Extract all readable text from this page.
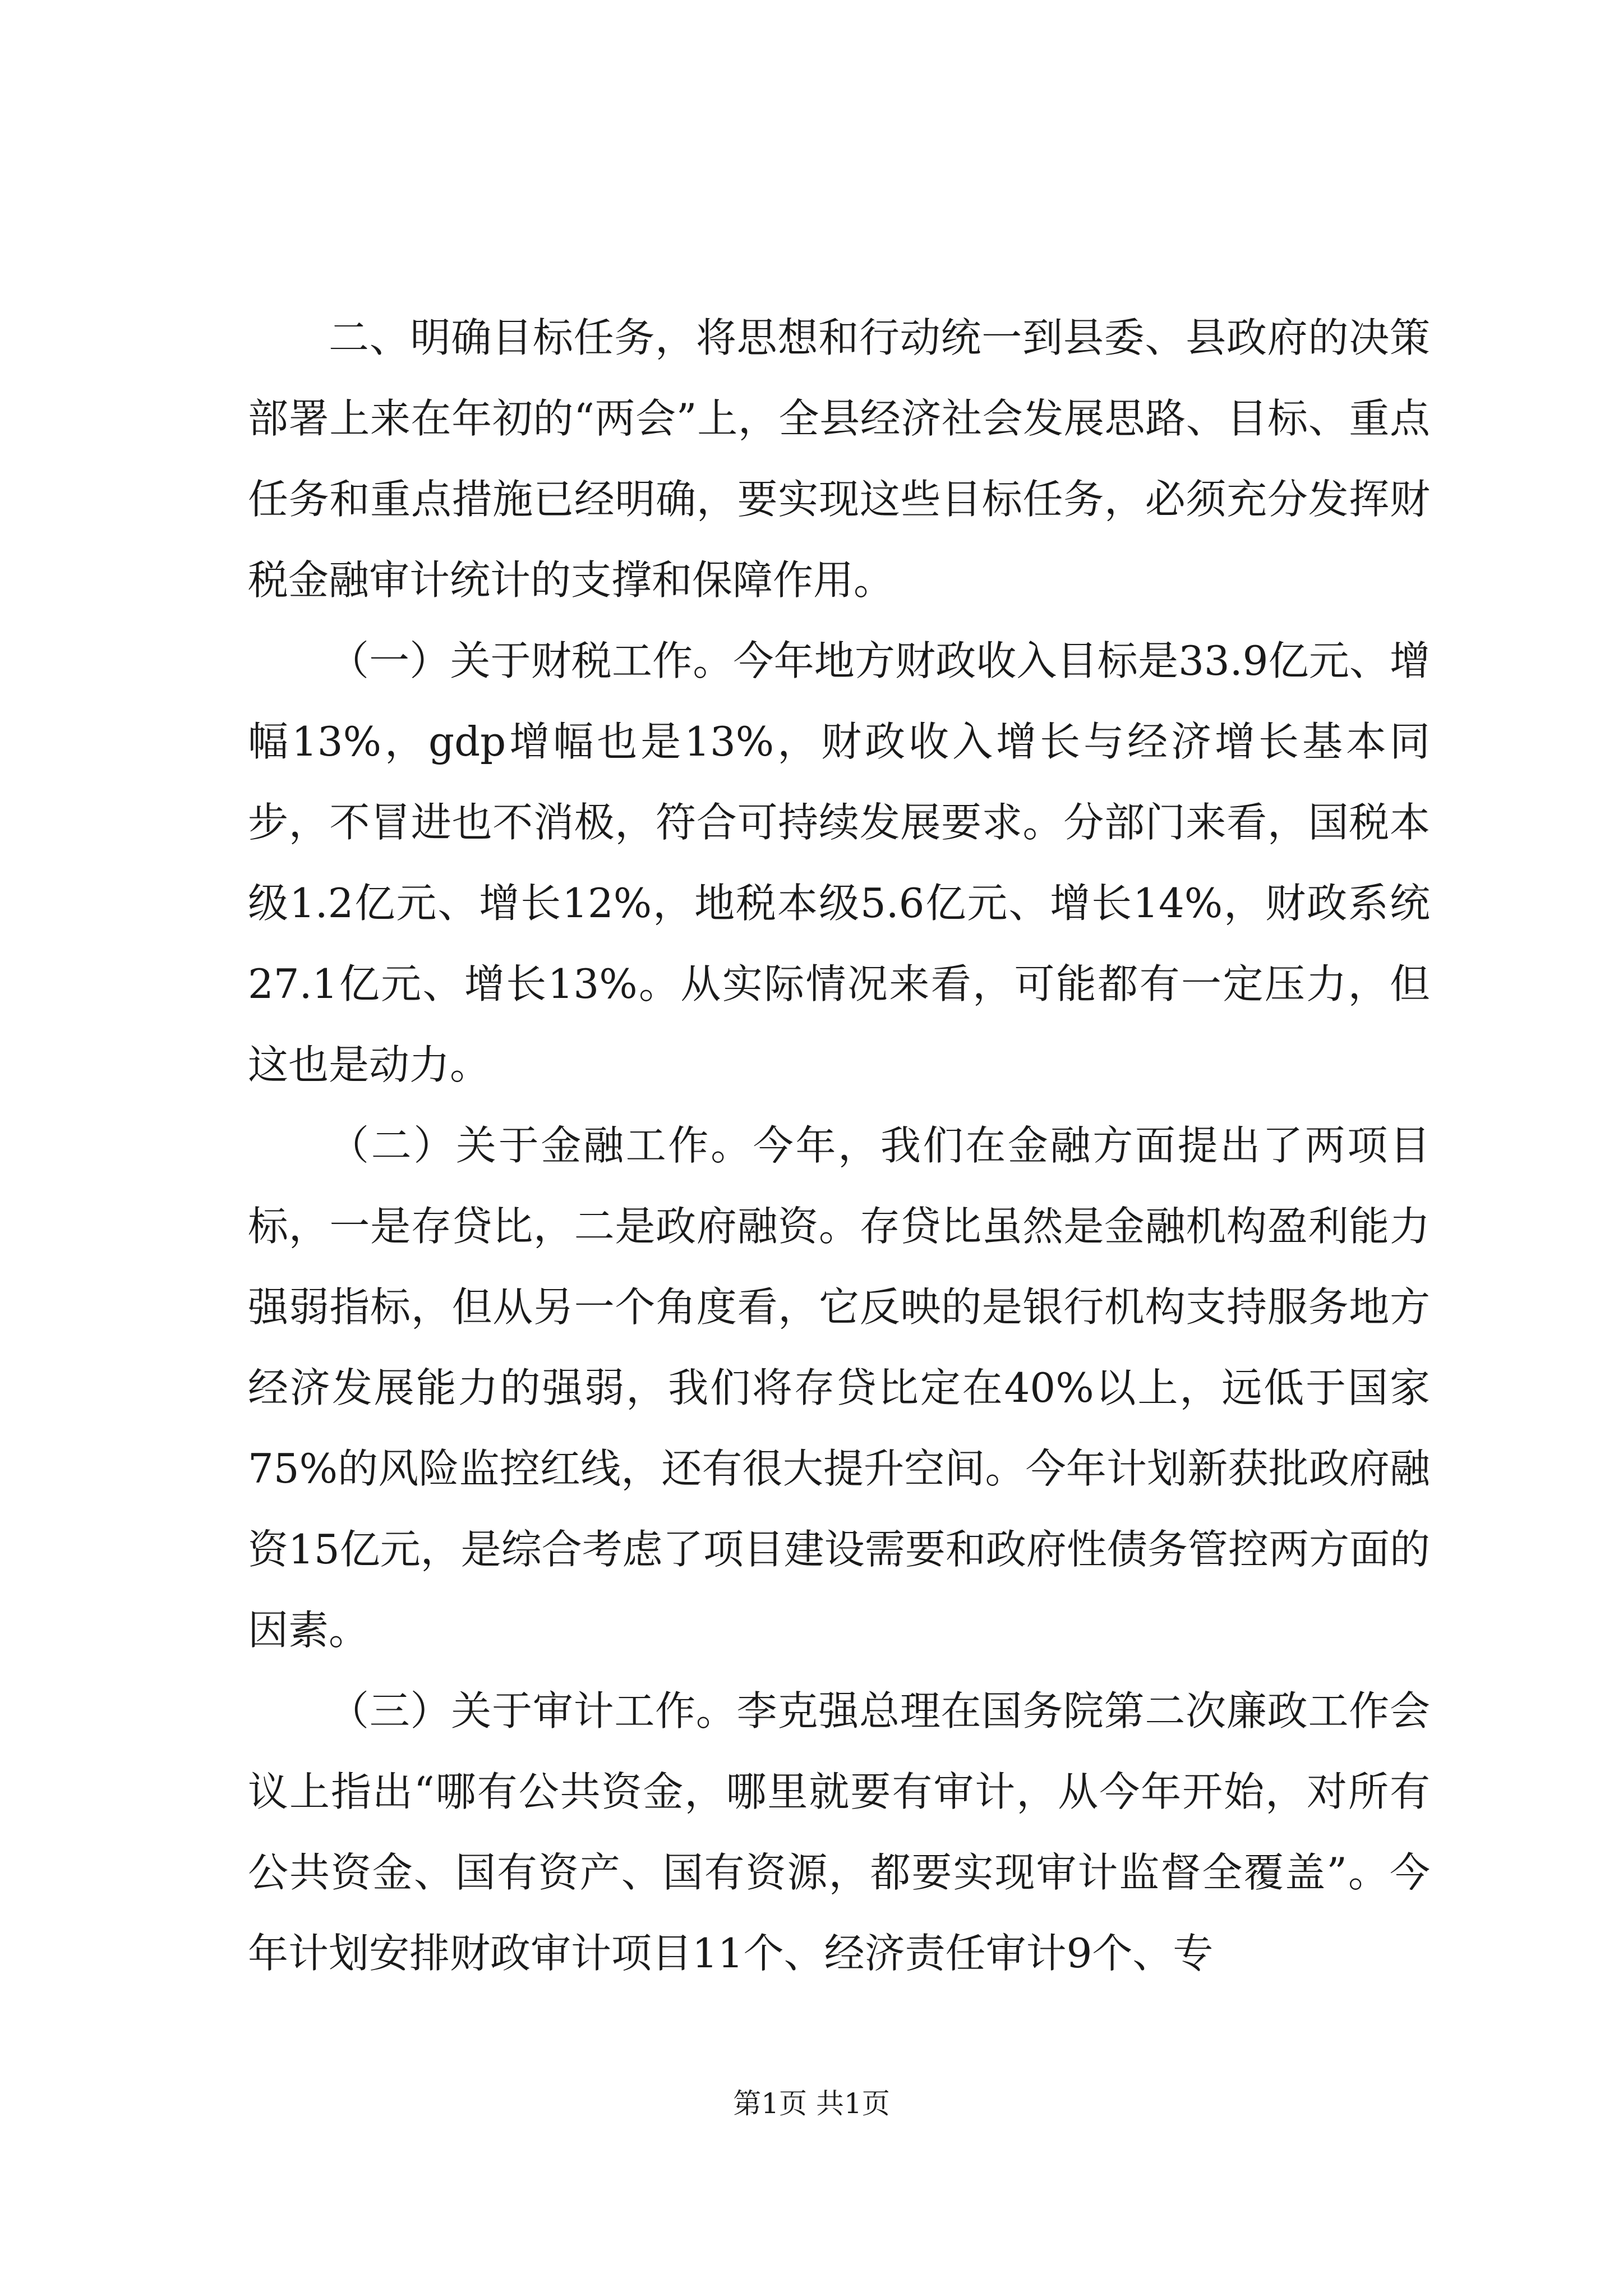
二、明确目标任务，将思想和行动统一到县委、县政府的决策部署上来在年初的“两会”上，全县经济社会发展思路、目标、重点任务和重点措施已经明确，要实现这些目标任务，必须充分发挥财税金融审计统计的支撑和保障作用。

（一）关于财税工作。今年地方财政收入目标是33.9亿元、增幅13%，gdp增幅也是13%，财政收入增长与经济增长基本同步，不冒进也不消极，符合可持续发展要求。分部门来看，国税本级1.2亿元、增长12%，地税本级5.6亿元、增长14%，财政系统27.1亿元、增长13%。从实际情况来看，可能都有一定压力，但这也是动力。

（二）关于金融工作。今年，我们在金融方面提出了两项目标，一是存贷比，二是政府融资。存贷比虽然是金融机构盈利能力强弱指标，但从另一个角度看，它反映的是银行机构支持服务地方经济发展能力的强弱，我们将存贷比定在40%以上，远低于国家75%的风险监控红线，还有很大提升空间。今年计划新获批政府融资15亿元，是综合考虑了项目建设需要和政府性债务管控两方面的因素。

（三）关于审计工作。李克强总理在国务院第二次廉政工作会议上指出“哪有公共资金，哪里就要有审计，从今年开始，对所有公共资金、国有资产、国有资源，都要实现审计监督全覆盖”。今年计划安排财政审计项目11个、经济责任审计9个、专

第1页 共1页
